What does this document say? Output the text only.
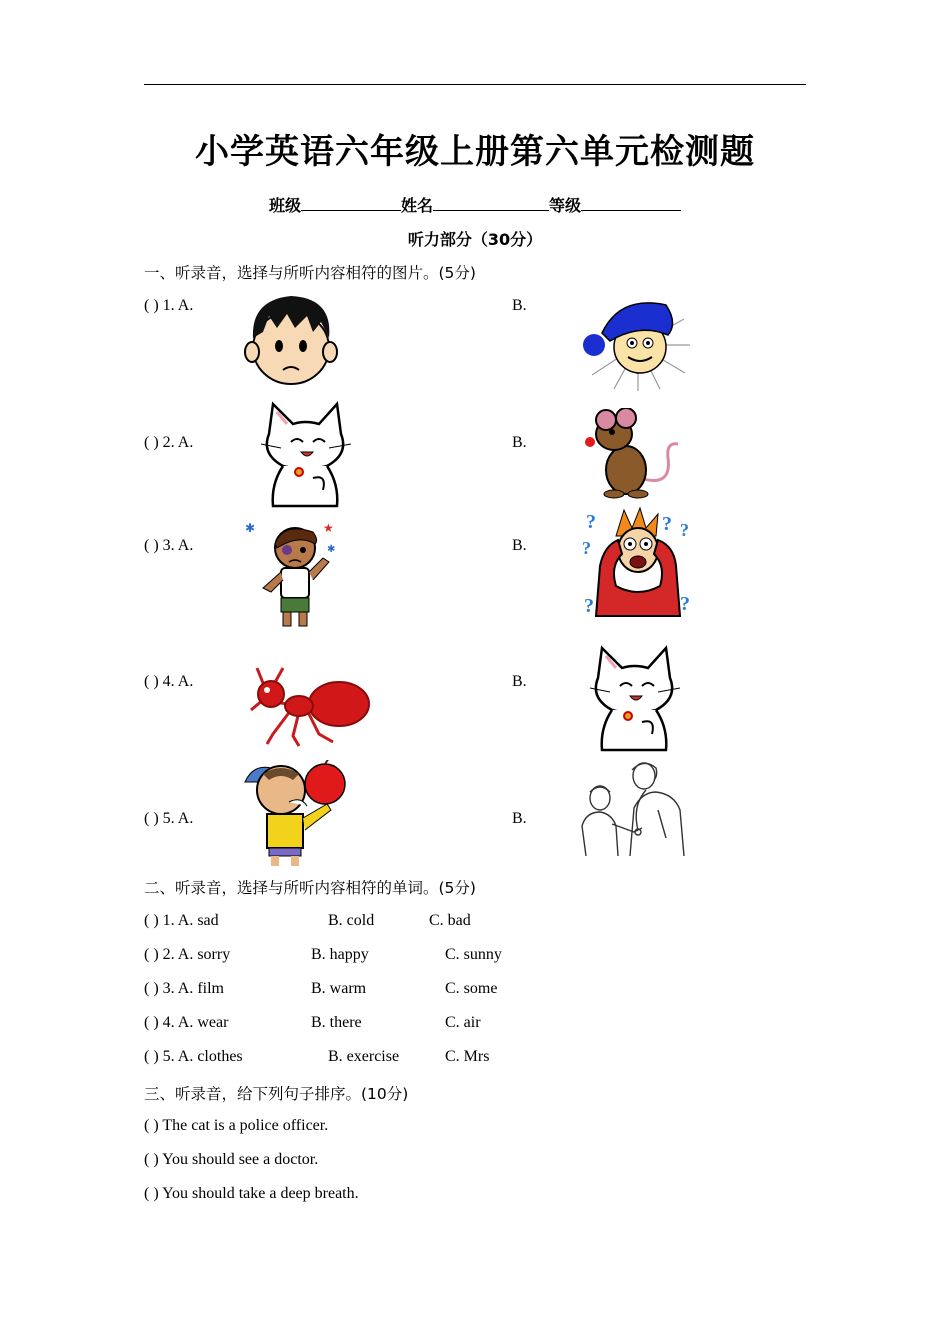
小学英语六年级上册第六单元检测题
班级	姓名	等级
听力部分（30分）
一、听录音，选择与所听内容相符的图片。(5分)
( ) 1. A.	B.
( ) 2. A.	B.
( ) 3. A.	B.
( ) 4. A.	B.
( ) 5. A.	B.
✱	★
✱
?
?
? ?
?	?
二、听录音，选择与所听内容相符的单词。(5分)
( ) 1. A. sad	B. cold	C. bad
( ) 2. A. sorry	B. happy	C. sunny
( ) 3. A. film	B. warm	C. some
( ) 4. A. wear	B. there	C. air
( ) 5. A. clothes	B. exercise	C. Mrs
三、听录音，给下列句子排序。(10分)
( ) The cat is a police officer.
( ) You should see a doctor.
( ) You should take a deep breath.
